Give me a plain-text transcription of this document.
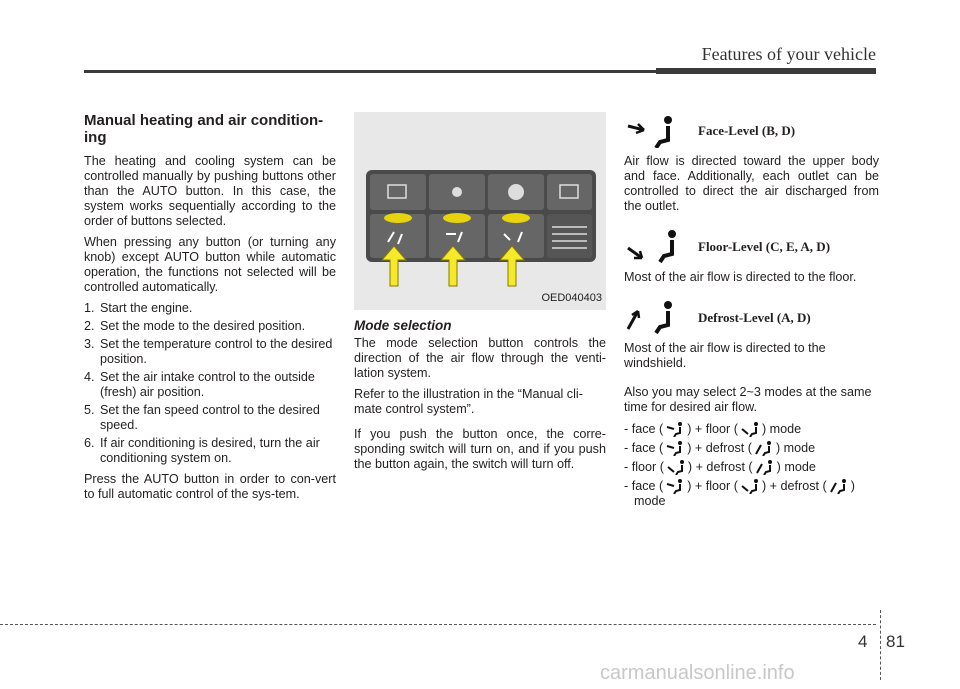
Features of your vehicle
Manual heating and air condition-ing

The heating and cooling system can be controlled manually by pushing buttons other than the AUTO button. In this case, the system works sequentially according to the order of buttons selected.

When pressing any button (or turning any knob) except AUTO button while automatic operation, the functions not selected will be controlled automatically.

1. Start the engine.
2. Set the mode to the desired position.
3. Set the temperature control to the desired position.
4. Set the air intake control to the outside (fresh) air position.
5. Set the fan speed control to the desired speed.
6. If air conditioning is desired, turn the air conditioning system on.

Press the AUTO button in order to con-vert to full automatic control of the sys-tem.

OED040403
Mode selection

The mode selection button controls the direction of the air flow through the venti-lation system.

Refer to the illustration in the “Manual cli-mate control system”.

If you push the button once, the corre-sponding switch will turn on, and if you push the button again, the switch will turn off.

Face-Level (B, D)

Air flow is directed toward the upper body and face. Additionally, each outlet can be controlled to direct the air discharged from the outlet.

Floor-Level (C, E, A, D)

Most of the air flow is directed to the floor.

Defrost-Level (A, D)

Most of the air flow is directed to the windshield.

Also you may select 2~3 modes at the same time for desired air flow.

- face ( ) + floor ( ) mode
- face ( ) + defrost ( ) mode
- floor ( ) + defrost ( ) mode
- face ( ) + floor ( ) + defrost ( )
mode
4 81
carmanualsonline.info
